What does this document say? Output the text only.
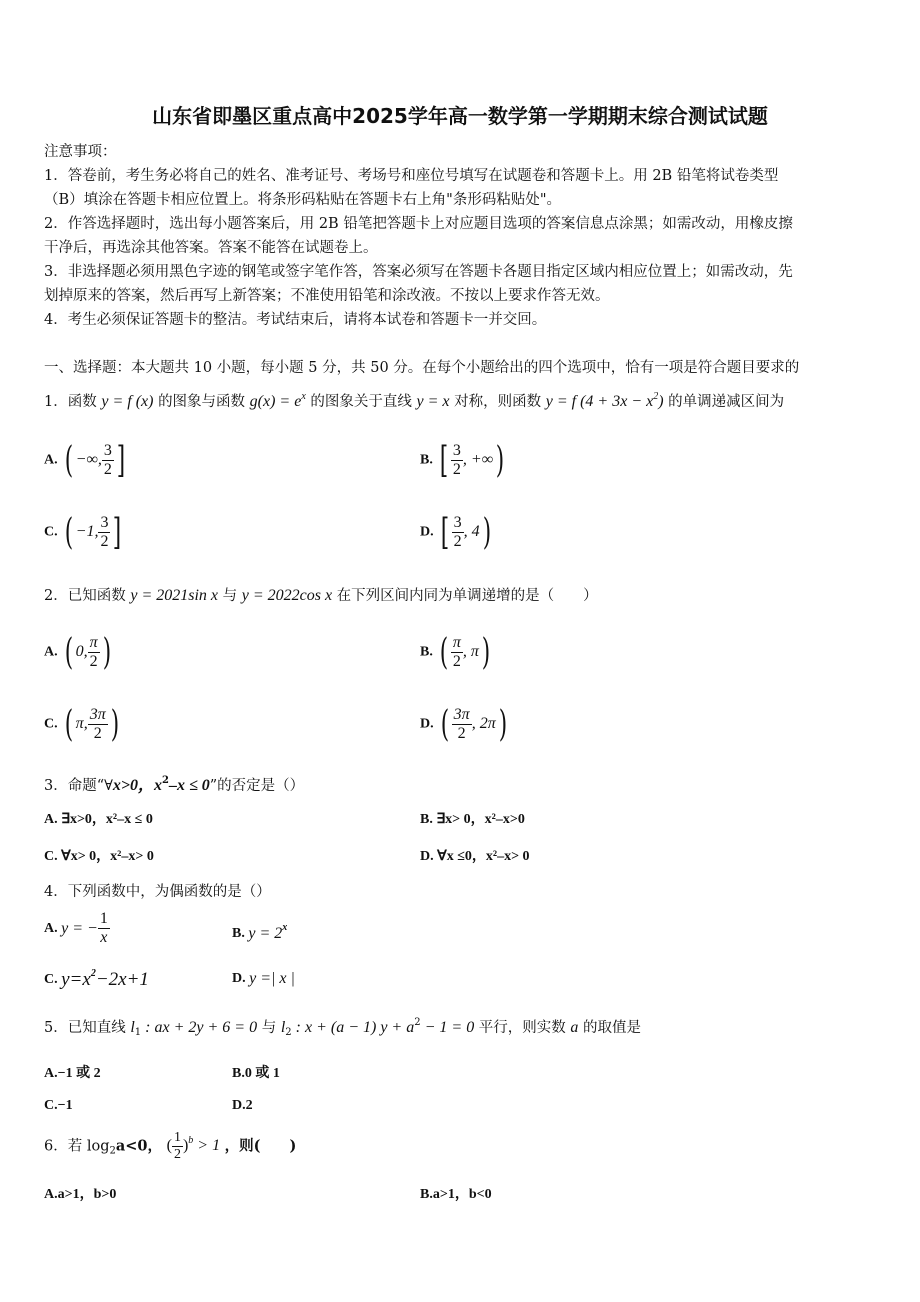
山东省即墨区重点高中2025学年高一数学第一学期期末综合测试试题
注意事项：
1．答卷前，考生务必将自己的姓名、准考证号、考场号和座位号填写在试题卷和答题卡上。用 2B 铅笔将试卷类型
（B）填涂在答题卡相应位置上。将条形码粘贴在答题卡右上角"条形码粘贴处"。
2．作答选择题时，选出每小题答案后，用 2B 铅笔把答题卡上对应题目选项的答案信息点涂黑；如需改动，用橡皮擦
干净后，再选涂其他答案。答案不能答在试题卷上。
3．非选择题必须用黑色字迹的钢笔或签字笔作答，答案必须写在答题卡各题目指定区域内相应位置上；如需改动，先
划掉原来的答案，然后再写上新答案；不准使用铅笔和涂改液。不按以上要求作答无效。
4．考生必须保证答题卡的整洁。考试结束后，请将本试卷和答题卡一并交回。
一、选择题：本大题共 10 小题，每小题 5 分，共 50 分。在每个小题给出的四个选项中，恰有一项是符合题目要求的
1．函数 y = f (x) 的图象与函数 $g(x) = e^x$ 的图象关于直线 y = x 对称，则函数 y = f $(4 + 3x - x^2)$ 的单调递减区间为
A. ( −∞, $\frac{3}{2}$ ]	B. [ $\frac{3}{2}$ , +∞)
C. ( −1, $\frac{3}{2}$ ]	D. [ $\frac{3}{2}$ , 4)
2．已知函数 y = 2021sin x 与 y = 2022cos x 在下列区间内同为单调递增的是（　　）
A. ( 0, $\frac{\pi}{2}$ )	B. ( $\frac{\pi}{2}$ , π)
C. ( π, $\frac{3\pi}{2}$ )	D. ( $\frac{3\pi}{2}$ , 2π)
3．命题“∀x>0，$x^2-x \le 0$”的否定是（）
A. ∃x>0，x²–x ≤ 0	B. ∃x> 0，x²–x>0
C. ∀x> 0，x²–x> 0	D. ∀x ≤0，x²–x> 0
4．下列函数中，为偶函数的是（）
A. y = − $\frac{1}{x}$	B. $y = 2^x$
C. $y=x^2-2x+1$	D. y =| x |
5．已知直线 $l_1$ : ax + 2y + 6 = 0 与 $l_2$ : x + (a − 1) $y + a^2 - 1 = 0$ 平行，则实数 a 的取值是
A.−1 或 2	B.0 或 1
C.−1	D.2
6．若 $\log_2a<0$， ( $\frac{1}{2} )^b > 1$ ，则(　　)
A.a>1，b>0	B.a>1，b<0
